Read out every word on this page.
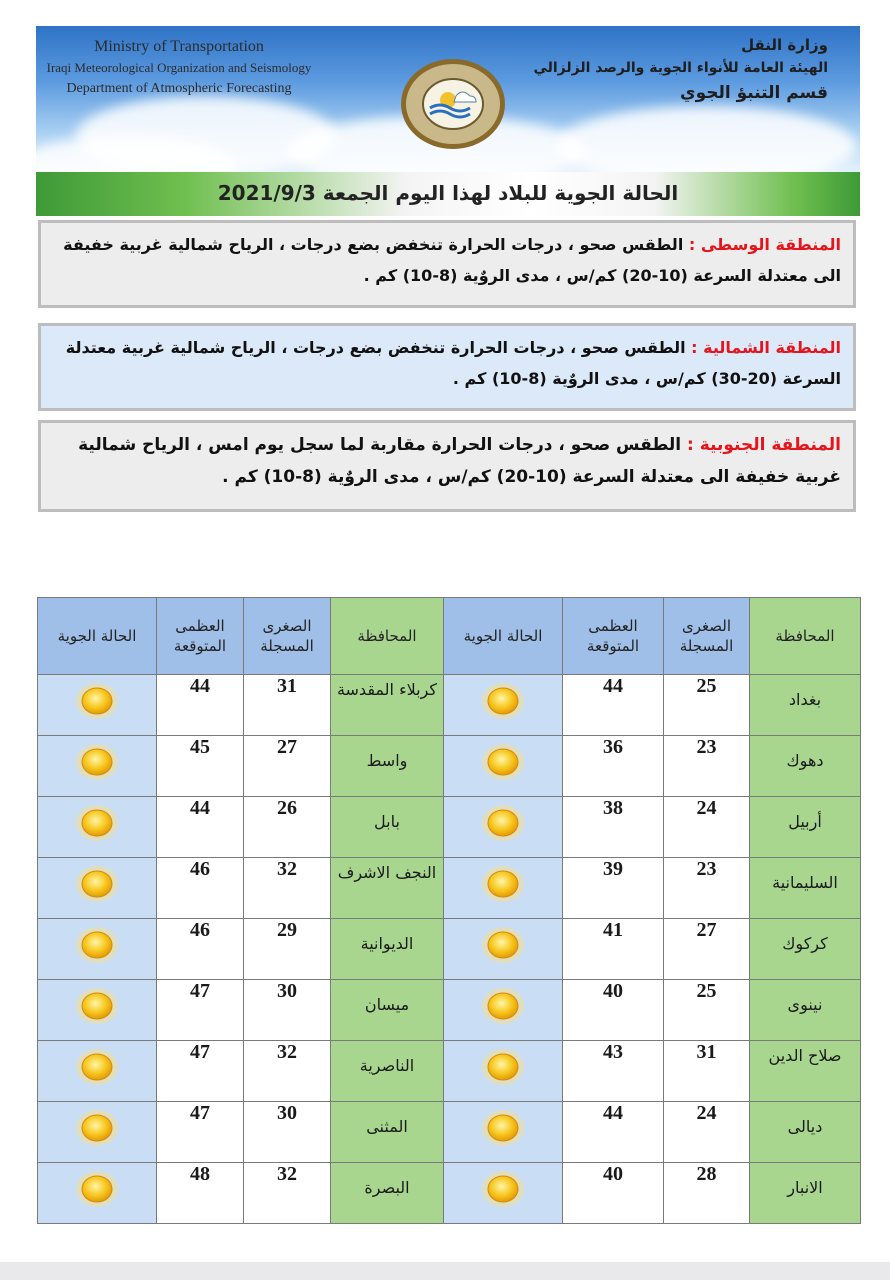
Ministry of Transportation
Iraqi Meteorological Organization and Seismology
Department of Atmospheric Forecasting
وزارة النقل
الهيئة العامة للأنواء الجوية والرصد الزلزالي
قسم التنبؤ الجوي
الحالة الجوية للبلاد لهذا اليوم الجمعة 2021/9/3
المنطقة الوسطى : الطقس صحو ، درجات الحرارة تنخفض بضع درجات ، الرياح شمالية غربية خفيفة الى معتدلة السرعة (10-20) كم/س ، مدى الروٌية (8-10) كم .
المنطقة الشمالية : الطقس صحو ، درجات الحرارة تنخفض بضع درجات ، الرياح شمالية غربية معتدلة السرعة (20-30) كم/س ، مدى الروٌية (8-10) كم .
المنطقة الجنوبية : الطقس صحو ، درجات الحرارة مقاربة لما سجل يوم امس ، الرياح شمالية غربية خفيفة الى معتدلة السرعة (10-20) كم/س ، مدى الروٌية (8-10) كم .
الحالة الجوية	العظمى المتوقعة	الصغرى المسجلة	المحافظة	الحالة الجوية	العظمى المتوقعة	الصغرى المسجلة	المحافظة
	44	31	كربلاء المقدسة		44	25	بغداد

	45	27	واسط		36	23	دهوك

	44	26	بابل		38	24	أربيل

	46	32	النجف الاشرف		39	23	السليمانية

	46	29	الديوانية		41	27	كركوك

	47	30	ميسان		40	25	نينوى

	47	32	الناصرية		43	31	صلاح الدين

	47	30	المثنى		44	24	ديالى

	48	32	البصرة		40	28	الانبار
